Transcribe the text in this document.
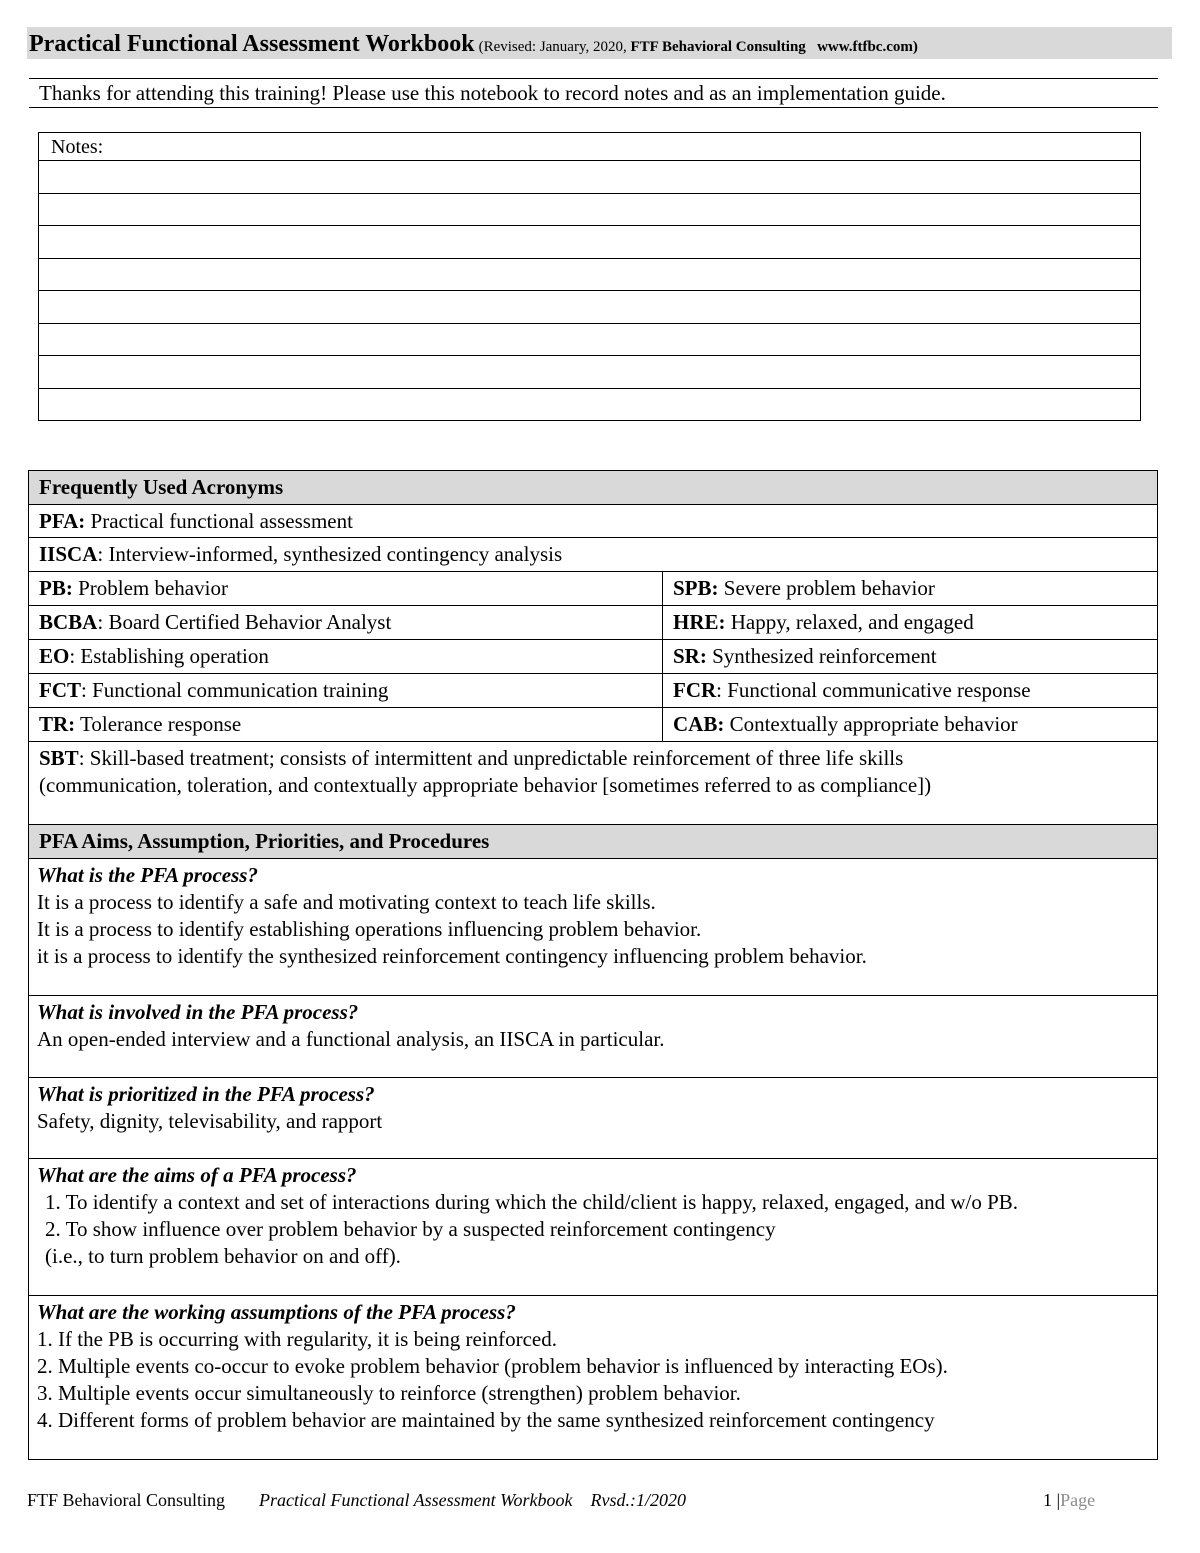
Practical Functional Assessment Workbook (Revised: January, 2020, FTF Behavioral Consulting www.ftfbc.com)
Thanks for attending this training! Please use this notebook to record notes and as an implementation guide.
Notes:
Frequently Used Acronyms
PFA: Practical functional assessment
IISCA: Interview-informed, synthesized contingency analysis
PB: Problem behavior	SPB: Severe problem behavior
BCBA: Board Certified Behavior Analyst	HRE: Happy, relaxed, and engaged
EO: Establishing operation	SR: Synthesized reinforcement
FCT: Functional communication training	FCR: Functional communicative response
TR: Tolerance response	CAB: Contextually appropriate behavior
SBT: Skill-based treatment; consists of intermittent and unpredictable reinforcement of three life skills
(communication, toleration, and contextually appropriate behavior [sometimes referred to as compliance])
PFA Aims, Assumption, Priorities, and Procedures
What is the PFA process?
It is a process to identify a safe and motivating context to teach life skills.
It is a process to identify establishing operations influencing problem behavior.
it is a process to identify the synthesized reinforcement contingency influencing problem behavior.
What is involved in the PFA process?
An open-ended interview and a functional analysis, an IISCA in particular.
What is prioritized in the PFA process?
Safety, dignity, televisability, and rapport
What are the aims of a PFA process?
1. To identify a context and set of interactions during which the child/client is happy, relaxed, engaged, and w/o PB.
2. To show influence over problem behavior by a suspected reinforcement contingency
(i.e., to turn problem behavior on and off).
What are the working assumptions of the PFA process?
1. If the PB is occurring with regularity, it is being reinforced.
2. Multiple events co-occur to evoke problem behavior (problem behavior is influenced by interacting EOs).
3. Multiple events occur simultaneously to reinforce (strengthen) problem behavior.
4. Different forms of problem behavior are maintained by the same synthesized reinforcement contingency
FTF Behavioral Consulting Practical Functional Assessment Workbook Rvsd.:1/2020	1 |Page
